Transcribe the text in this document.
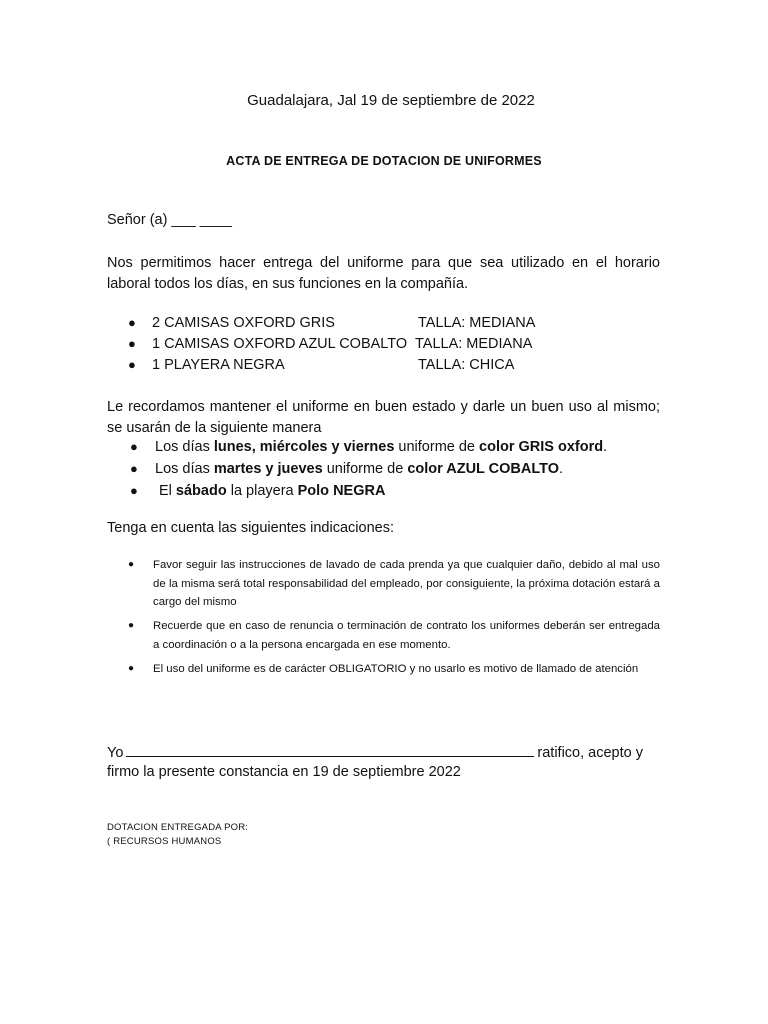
Guadalajara, Jal 19 de septiembre de 2022
ACTA DE ENTREGA DE DOTACION DE UNIFORMES
Señor (a) ___ ____
Nos permitimos hacer entrega del uniforme para que sea utilizado en el horario laboral todos los días, en sus funciones en la compañía.
● 2 CAMISAS OXFORD GRIS	TALLA: MEDIANA
● 1 CAMISAS OXFORD AZUL COBALTO TALLA: MEDIANA
● 1 PLAYERA NEGRA	TALLA: CHICA
Le recordamos mantener el uniforme en buen estado y darle un buen uso al mismo; se usarán de la siguiente manera
● Los días lunes, miércoles y viernes uniforme de color GRIS oxford.
● Los días martes y jueves uniforme de color AZUL COBALTO.
● El sábado la playera Polo NEGRA
Tenga en cuenta las siguientes indicaciones:
● Favor seguir las instrucciones de lavado de cada prenda ya que cualquier daño, debido al mal uso de la misma será total responsabilidad del empleado, por consiguiente, la próxima dotación estará a cargo del mismo
● Recuerde que en caso de renuncia o terminación de contrato los uniformes deberán ser entregada a coordinación o a la persona encargada en ese momento.
● El uso del uniforme es de carácter OBLIGATORIO y no usarlo es motivo de llamado de atención
Yo	ratifico, acepto y
firmo la presente constancia en 19 de septiembre 2022
DOTACION ENTREGADA POR:
( RECURSOS HUMANOS
